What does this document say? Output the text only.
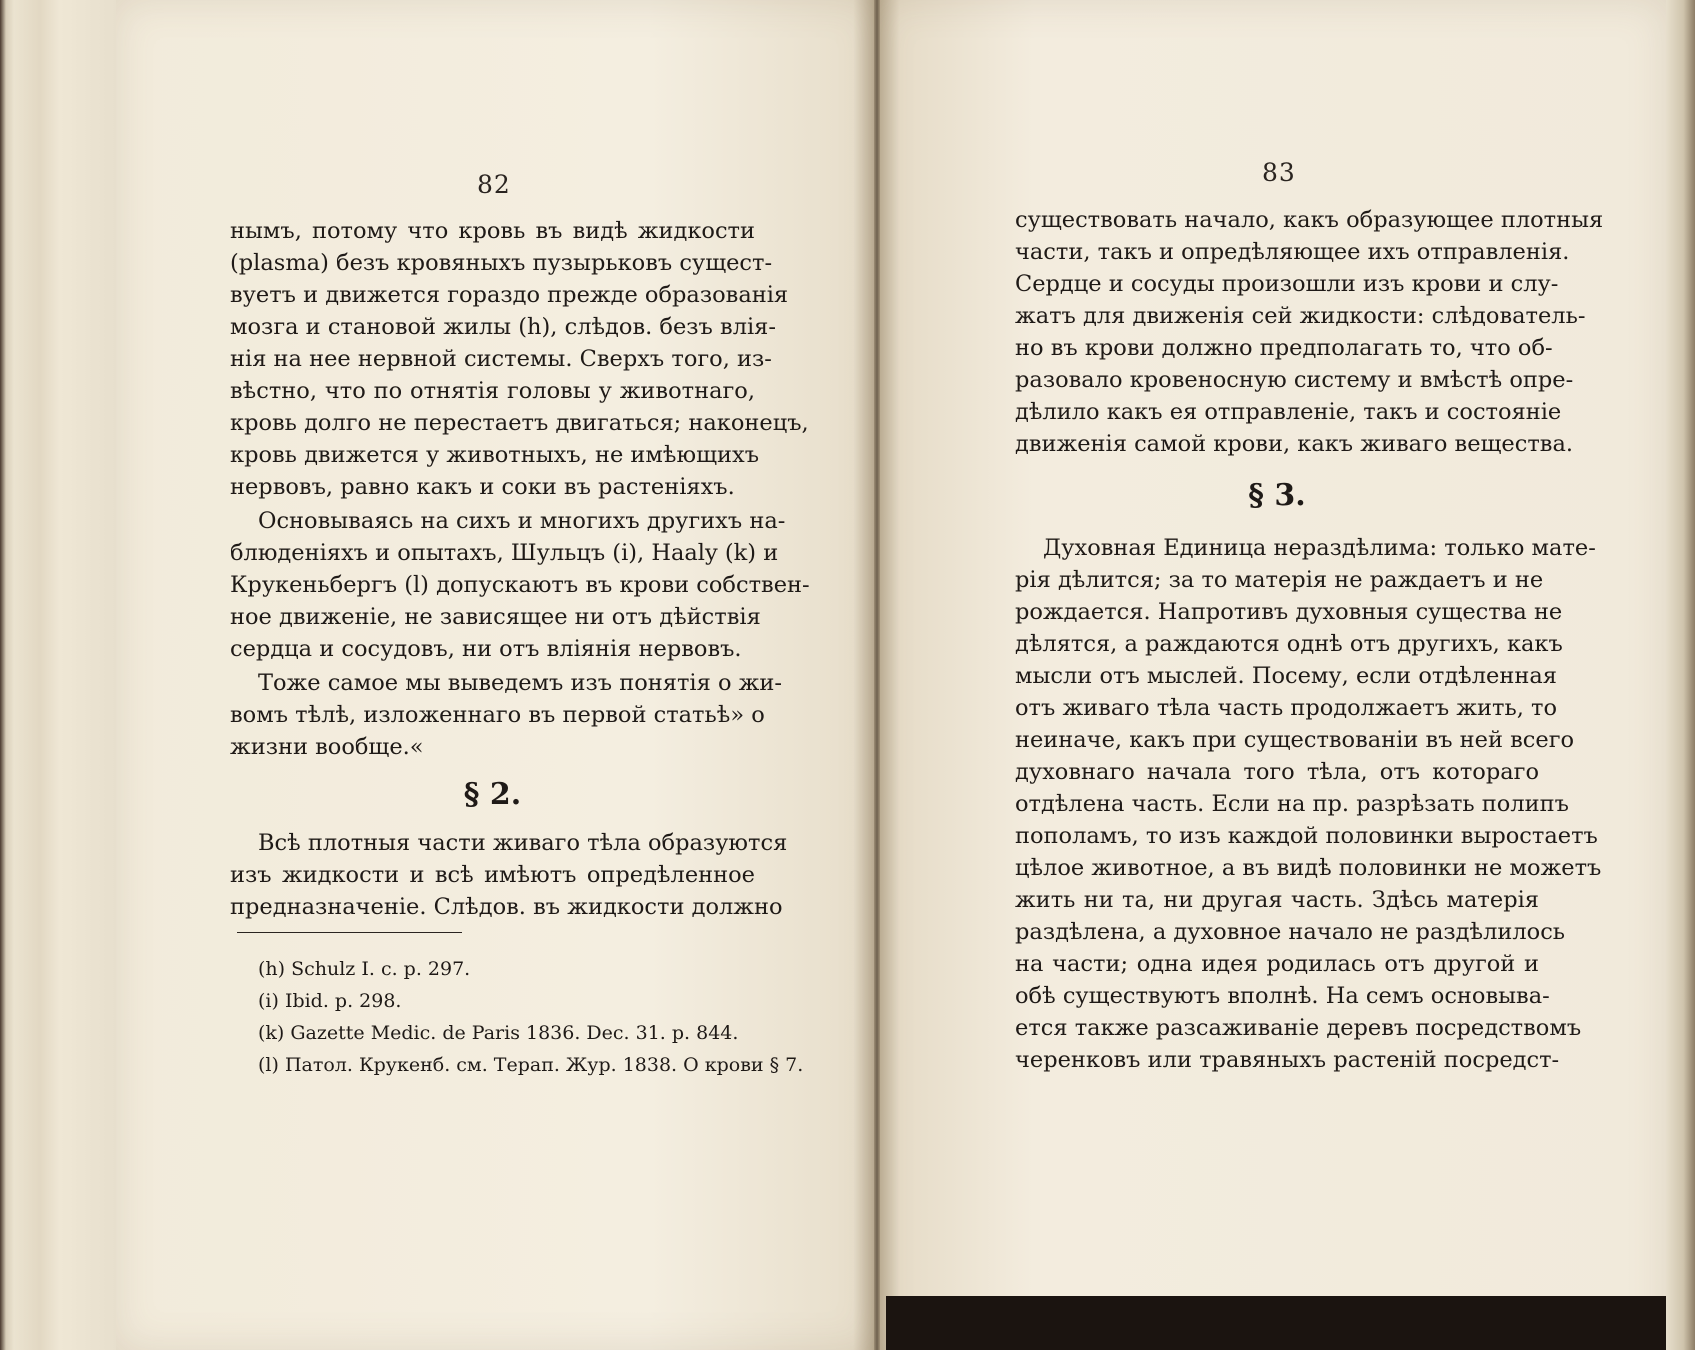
82
нымъ, потому что кровь въ видѣ жидкости
(plasma) безъ кровяныхъ пузырьковъ сущест-
вуетъ и движется гораздо прежде образованія
мозга и становой жилы (h), слѣдов. безъ влія-
нія на нее нервной системы. Сверхъ того, из-
вѣстно, что по отнятія головы у животнаго,
кровь долго не перестаетъ двигаться; наконецъ,
кровь движется у животныхъ, не имѣющихъ
нервовъ, равно какъ и соки въ растеніяхъ.
Основываясь на сихъ и многихъ другихъ на-
блюденіяхъ и опытахъ, Шульцъ (i), Haaly (k) и
Крукеньбергъ (l) допускаютъ въ крови собствен-
ное движеніе, не зависящее ни отъ дѣйствія
сердца и сосудовъ, ни отъ вліянія нервовъ.
Тоже самое мы выведемъ изъ понятія о жи-
вомъ тѣлѣ, изложеннаго въ первой статьѣ» о
жизни вообще.«
§ 2.
Всѣ плотныя части живаго тѣла образуются
изъ жидкости и всѣ имѣютъ опредѣленное
предназначеніе. Слѣдов. въ жидкости должно
(h) Schulz I. c. p. 297.
(i) Ibid. p. 298.
(k) Gazette Medic. de Paris 1836. Dec. 31. p. 844.
(l) Патол. Крукенб. см. Терап. Жур. 1838. О крови § 7.
83
существовать начало, какъ образующее плотныя
части, такъ и опредѣляющее ихъ отправленія.
Сердце и сосуды произошли изъ крови и слу-
жатъ для движенія сей жидкости: слѣдователь-
но въ крови должно предполагать то, что об-
разовало кровеносную систему и вмѣстѣ опре-
дѣлило какъ ея отправленіе, такъ и состояніе
движенія самой крови, какъ живаго вещества.
§ 3.
Духовная Единица нераздѣлима: только мате-
рія дѣлится; за то матерія не раждаетъ и не
рождается. Напротивъ духовныя существа не
дѣлятся, а раждаются однѣ отъ другихъ, какъ
мысли отъ мыслей. Посему, если отдѣленная
отъ живаго тѣла часть продолжаетъ жить, то
неиначе, какъ при существованіи въ ней всего
духовнаго начала того тѣла, отъ котораго
отдѣлена часть. Если на пр. разрѣзать полипъ
пополамъ, то изъ каждой половинки выростаетъ
цѣлое животное, а въ видѣ половинки не можетъ
жить ни та, ни другая часть. Здѣсь матерія
раздѣлена, а духовное начало не раздѣлилось
на части; одна идея родилась отъ другой и
обѣ существуютъ вполнѣ. На семъ основыва-
ется также разсаживаніе деревъ посредствомъ
черенковъ или травяныхъ растеній посредст-
